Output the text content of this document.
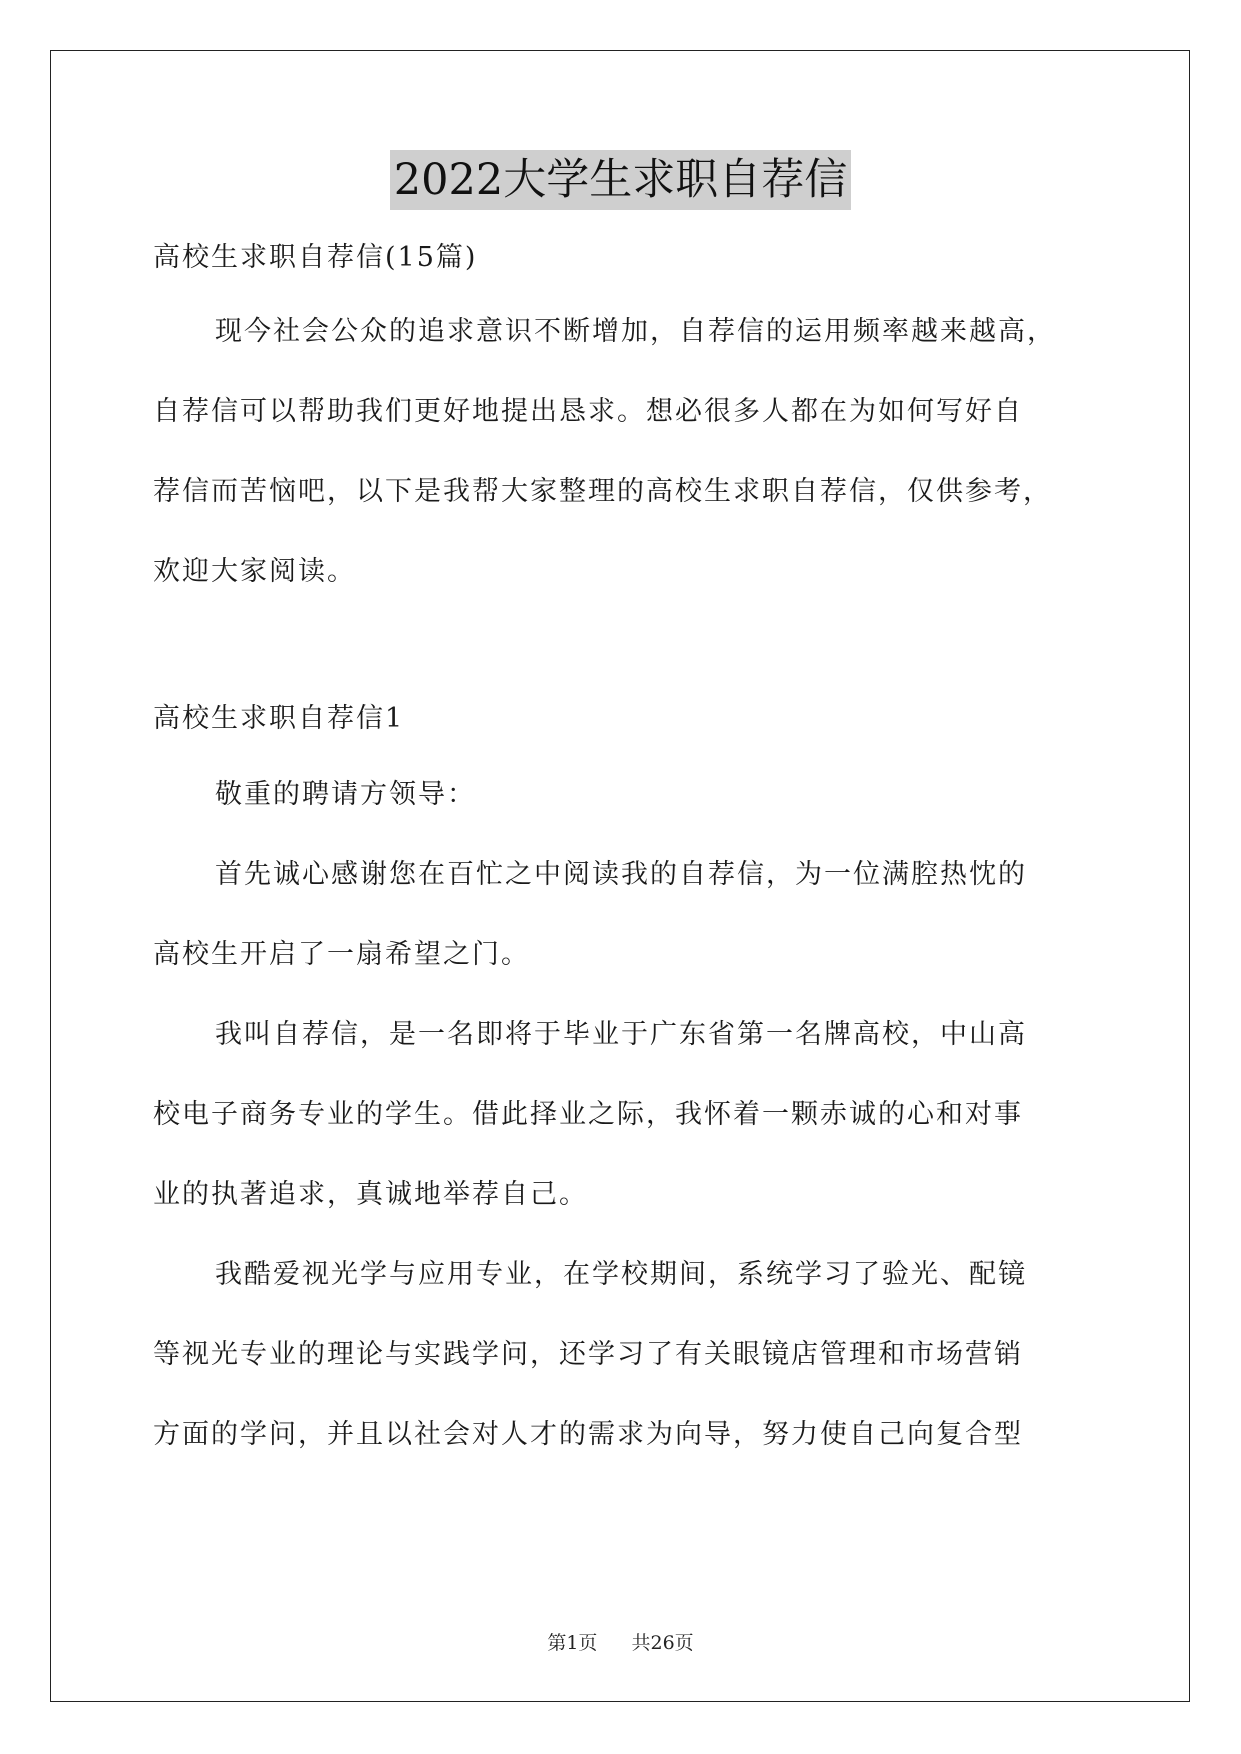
2022大学生求职自荐信
高校生求职自荐信(15篇)
现今社会公众的追求意识不断增加，自荐信的运用频率越来越高，
自荐信可以帮助我们更好地提出恳求。想必很多人都在为如何写好自
荐信而苦恼吧，以下是我帮大家整理的高校生求职自荐信，仅供参考，
欢迎大家阅读。
高校生求职自荐信1
敬重的聘请方领导：
首先诚心感谢您在百忙之中阅读我的自荐信，为一位满腔热忱的
高校生开启了一扇希望之门。
我叫自荐信，是一名即将于毕业于广东省第一名牌高校，中山高
校电子商务专业的学生。借此择业之际，我怀着一颗赤诚的心和对事
业的执著追求，真诚地举荐自己。
我酷爱视光学与应用专业，在学校期间，系统学习了验光、配镜
等视光专业的理论与实践学问，还学习了有关眼镜店管理和市场营销
方面的学问，并且以社会对人才的需求为向导，努力使自己向复合型
第1页 共26页
